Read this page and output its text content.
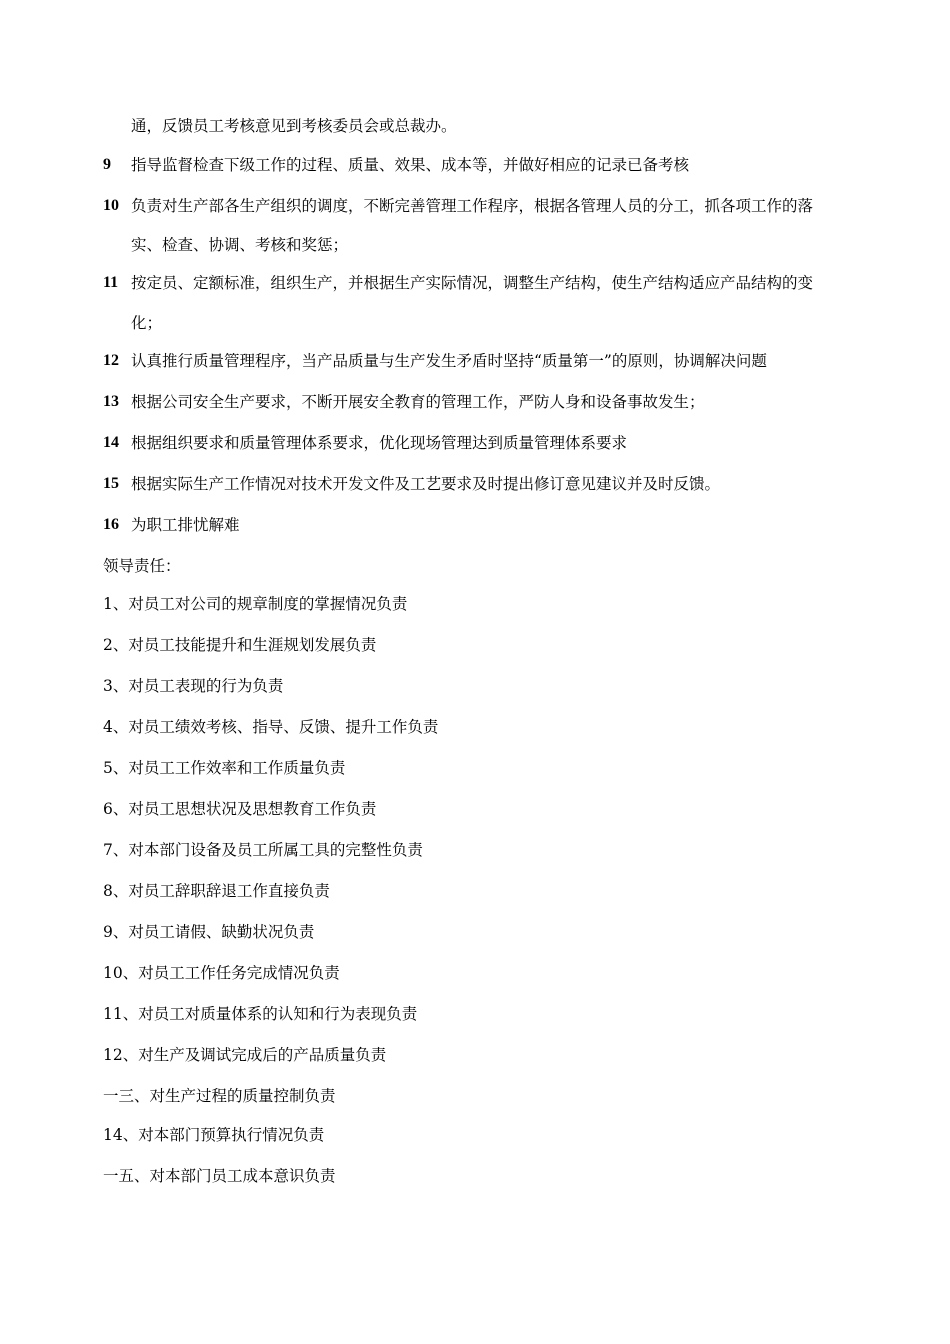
通，反馈员工考核意见到考核委员会或总裁办。
9 指导监督检查下级工作的过程、质量、效果、成本等，并做好相应的记录已备考核
10 负责对生产部各生产组织的调度，不断完善管理工作程序，根据各管理人员的分工，抓各项工作的落
实、检查、协调、考核和奖惩；
11 按定员、定额标准，组织生产，并根据生产实际情况，调整生产结构，使生产结构适应产品结构的变
化；
12 认真推行质量管理程序，当产品质量与生产发生矛盾时坚持“质量第一”的原则，协调解决问题
13 根据公司安全生产要求，不断开展安全教育的管理工作，严防人身和设备事故发生；
14 根据组织要求和质量管理体系要求，优化现场管理达到质量管理体系要求
15 根据实际生产工作情况对技术开发文件及工艺要求及时提出修订意见建议并及时反馈。
16 为职工排忧解难
领导责任：
1、对员工对公司的规章制度的掌握情况负责
2、对员工技能提升和生涯规划发展负责
3、对员工表现的行为负责
4、对员工绩效考核、指导、反馈、提升工作负责
5、对员工工作效率和工作质量负责
6、对员工思想状况及思想教育工作负责
7、对本部门设备及员工所属工具的完整性负责
8、对员工辞职辞退工作直接负责
9、对员工请假、缺勤状况负责
10、对员工工作任务完成情况负责
11、对员工对质量体系的认知和行为表现负责
12、对生产及调试完成后的产品质量负责
一三、对生产过程的质量控制负责
14、对本部门预算执行情况负责
一五、对本部门员工成本意识负责
